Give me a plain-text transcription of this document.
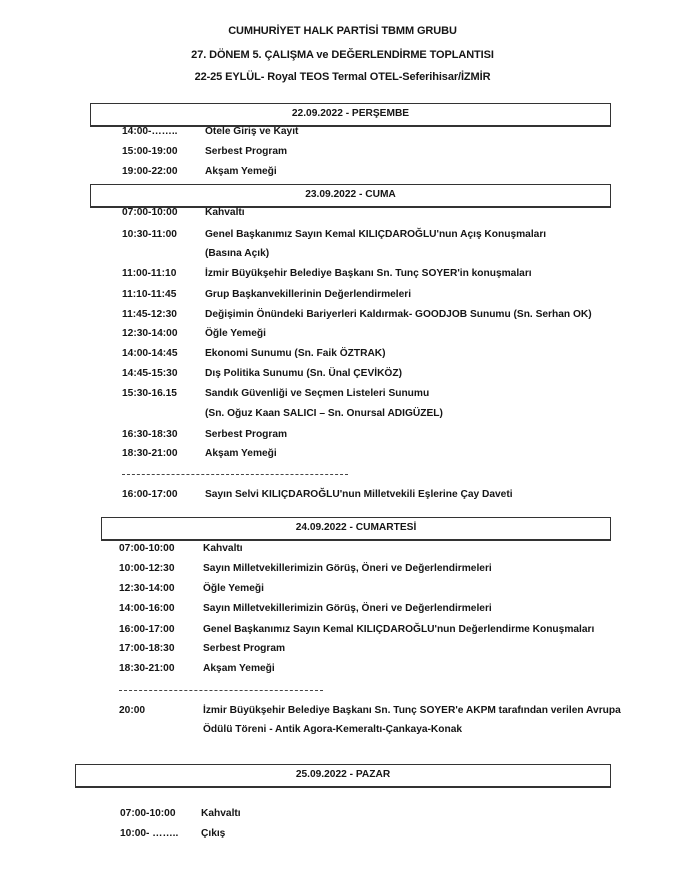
CUMHURİYET HALK PARTİSİ TBMM GRUBU
27. DÖNEM 5. ÇALIŞMA ve DEĞERLENDİRME TOPLANTISI
22-25 EYLÜL- Royal TEOS Termal OTEL-Seferihisar/İZMİR
22.09.2022 - PERŞEMBE
14:00-……..	Otele Giriş ve Kayıt
15:00-19:00	Serbest Program
19:00-22:00	Akşam Yemeği
23.09.2022 - CUMA
07:00-10:00	Kahvaltı
10:30-11:00	Genel Başkanımız Sayın Kemal KILIÇDAROĞLU'nun Açış Konuşmaları
(Basına Açık)
11:00-11:10	İzmir Büyükşehir Belediye Başkanı Sn. Tunç SOYER'in konuşmaları
11:10-11:45	Grup Başkanvekillerinin Değerlendirmeleri
11:45-12:30	Değişimin Önündeki Bariyerleri Kaldırmak- GOODJOB Sunumu (Sn. Serhan OK)
12:30-14:00	Öğle Yemeği
14:00-14:45	Ekonomi Sunumu (Sn. Faik ÖZTRAK)
14:45-15:30	Dış Politika Sunumu (Sn. Ünal ÇEVİKÖZ)
15:30-16.15	Sandık Güvenliği ve Seçmen Listeleri Sunumu
(Sn. Oğuz Kaan SALICI – Sn. Onursal ADIGÜZEL)
16:30-18:30	Serbest Program
18:30-21:00	Akşam Yemeği
16:00-17:00	Sayın Selvi KILIÇDAROĞLU'nun Milletvekili Eşlerine Çay Daveti
24.09.2022 - CUMARTESİ
07:00-10:00	Kahvaltı
10:00-12:30	Sayın Milletvekillerimizin Görüş, Öneri ve Değerlendirmeleri
12:30-14:00	Öğle Yemeği
14:00-16:00	Sayın Milletvekillerimizin Görüş, Öneri ve Değerlendirmeleri
16:00-17:00	Genel Başkanımız Sayın Kemal KILIÇDAROĞLU'nun Değerlendirme Konuşmaları
17:00-18:30	Serbest Program
18:30-21:00	Akşam Yemeği
20:00	İzmir Büyükşehir Belediye Başkanı Sn. Tunç SOYER'e AKPM tarafından verilen Avrupa
Ödülü Töreni - Antik Agora-Kemeraltı-Çankaya-Konak
25.09.2022 - PAZAR
07:00-10:00 Kahvaltı
10:00- …….. Çıkış
